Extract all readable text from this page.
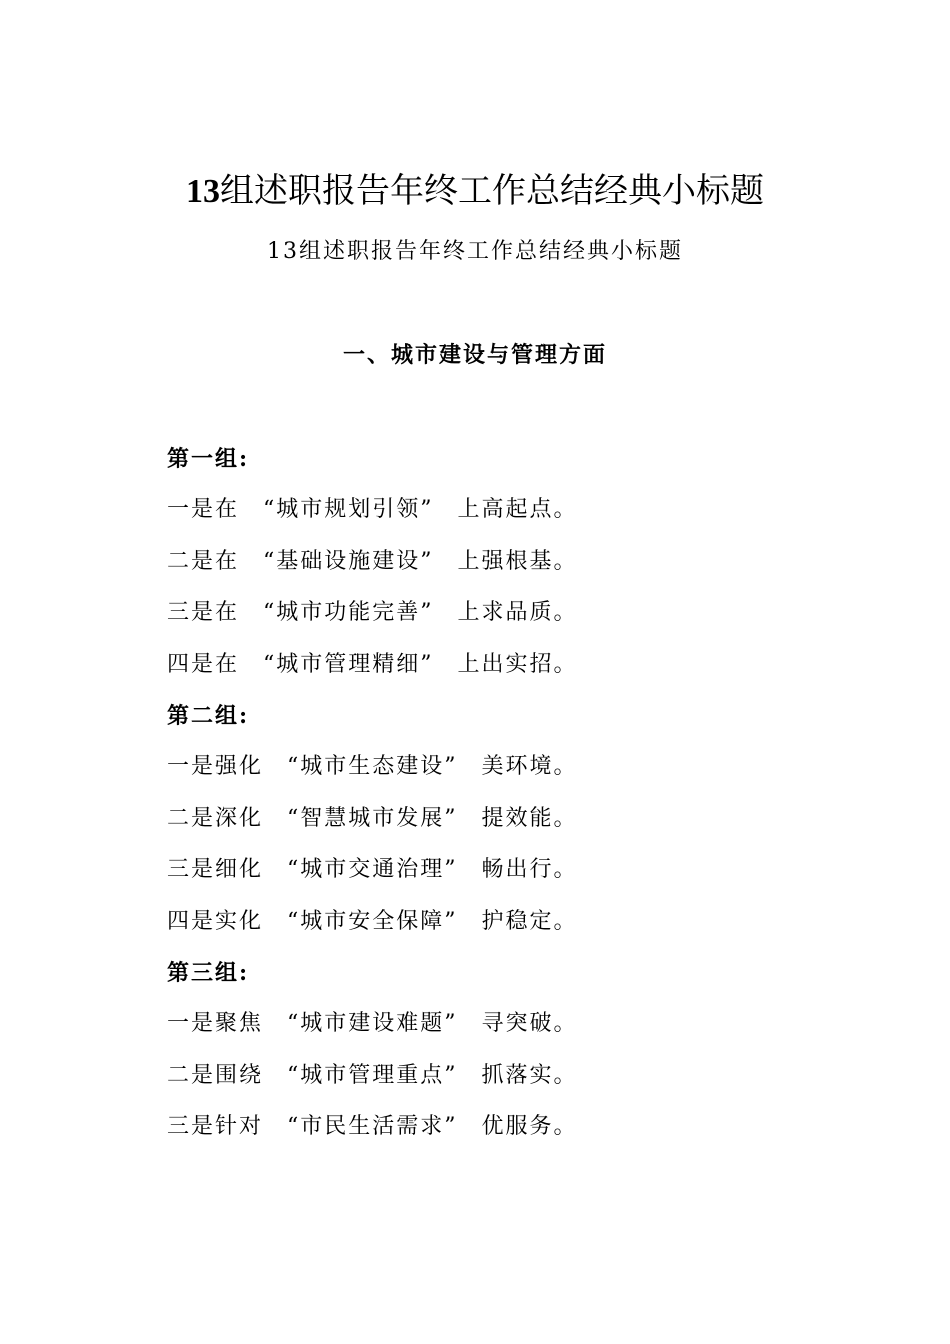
13组述职报告年终工作总结经典小标题
13组述职报告年终工作总结经典小标题
一、城市建设与管理方面
第一组:
一是在 “城市规划引领” 上高起点。
二是在 “基础设施建设” 上强根基。
三是在 “城市功能完善” 上求品质。
四是在 “城市管理精细” 上出实招。
第二组:
一是强化 “城市生态建设” 美环境。
二是深化 “智慧城市发展” 提效能。
三是细化 “城市交通治理” 畅出行。
四是实化 “城市安全保障” 护稳定。
第三组:
一是聚焦 “城市建设难题” 寻突破。
二是围绕 “城市管理重点” 抓落实。
三是针对 “市民生活需求” 优服务。
